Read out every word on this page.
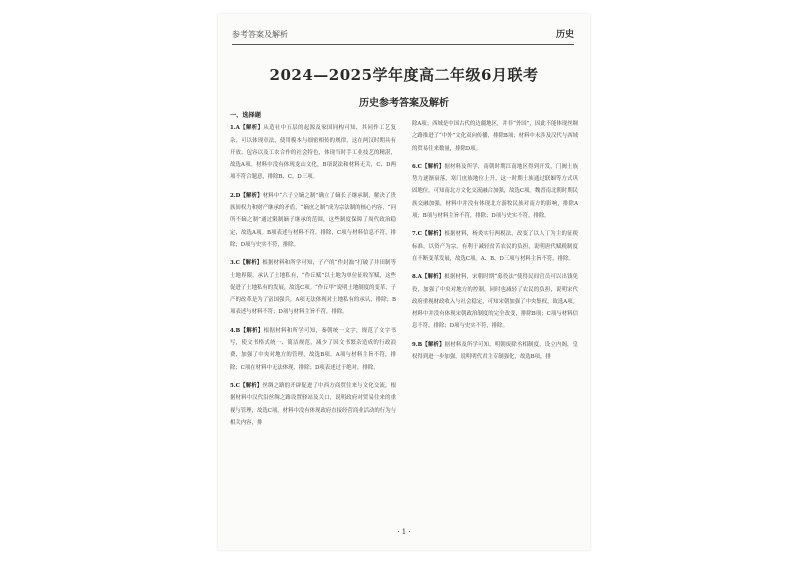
参考答案及解析	历史
2024—2025学年度高二年级6月联考
历史参考答案及解析
一、选择题
1.A【解析】从造社中五层的起源及家国同构可知，其同作工艺复杂，可以体现章法，使用模本与细密相传的规律，这在两汉时期具有开放、包容以及工农合作的社会特色，体现当时手工业技艺的精湛，故选A项。材料中没有体现龙山文化，B项说法和材料无关，C、D两项不符合题意，排除B、C、D三项。
2.D【解析】材料中“六子立嫡之制”确立了嫡长子继承制，解决了贵族间权力和财产继承的矛盾，“嫡庶之制”成为宗法制的核心内容，“问所不嫡之制”通过限制嫡子继承的范围，这些制度保障了周代政治稳定，故选A项。B项表述与材料不符，排除，C项与材料信息不符，排除；D项与史实不符，排除。
3.C【解析】根据材料和所学可知，子产的“作封洫”打破了井田制等土地界限，承认了土地私有，“作丘赋”以土地为单位征收军赋，这些促进了土地私有的发展，故选C项。“作丘甲”说明土地制度的变革，子产的改革是为了富国强兵，A项无法体现对土地私有的承认，排除；B项表述与材料不符；D项与材料主旨不符，排除。
4.B【解析】根据材料和所学可知，秦朝统一文字，规范了文字书写，使文书格式统一、简洁规范，减少了因文书繁杂造成的行政浪费，加强了中央对地方的管理，故选B项。A项与材料主旨不符，排除；C项在材料中无法体现，排除；D项表述过于绝对，排除。
5.C【解析】丝绸之路的开辟促进了中西方商贸往来与文化交流，根据材料中汉代沿丝绸之路设置驿站及关口，说明政府对贸易往来的重视与管理，故选C项。材料中没有体现政府直接经营商业活动的行为与相关内容，排
除A项；西域是中国古代的边疆地区，并非“外国”，因此不能体现丝绸之路推进了“中外”文化双向传播，排除B项；材料中未涉及汉代与西域的贸易往来数量，排除D项。
6.C【解析】据材料及所学，南朝时期江南地区得到开发，门阀士族势力逐渐衰落，寒门庶族地位上升，这一时期士族通过联姻等方式巩固地位，可知南北方文化交流融合加强，故选C项。魏晋南北朝时期民族交融加强，材料中并没有体现北方游牧民族对南方的影响，排除A项；B项与材料主旨不符，排除；D项与史实不符，排除。
7.C【解析】根据材料，杨炎实行两税法，改变了以人丁为主的征税标准，以资产为宗，有利于减轻贫苦农民的负担，说明唐代赋税制度在不断变革发展，故选C项。A、B、D三项与材料主旨不符，排除。
8.A【解析】根据材料，宋朝时期“募役法”使得民间官员可以出钱免役，加强了中央对地方的控制，同时也减轻了农民的负担，说明宋代政府重视财政收入与社会稳定，可知宋朝加强了中央集权，故选A项。材料中并没有体现宋朝政治制度的完全改变，排除B项；C项与材料信息不符，排除；D项与史实不符，排除。
9.B【解析】据材料及所学可知，明朝废除丞相制度，设立内阁，皇权得到进一步加强，说明明代君主专制强化，故选B项，排
· 1 ·
